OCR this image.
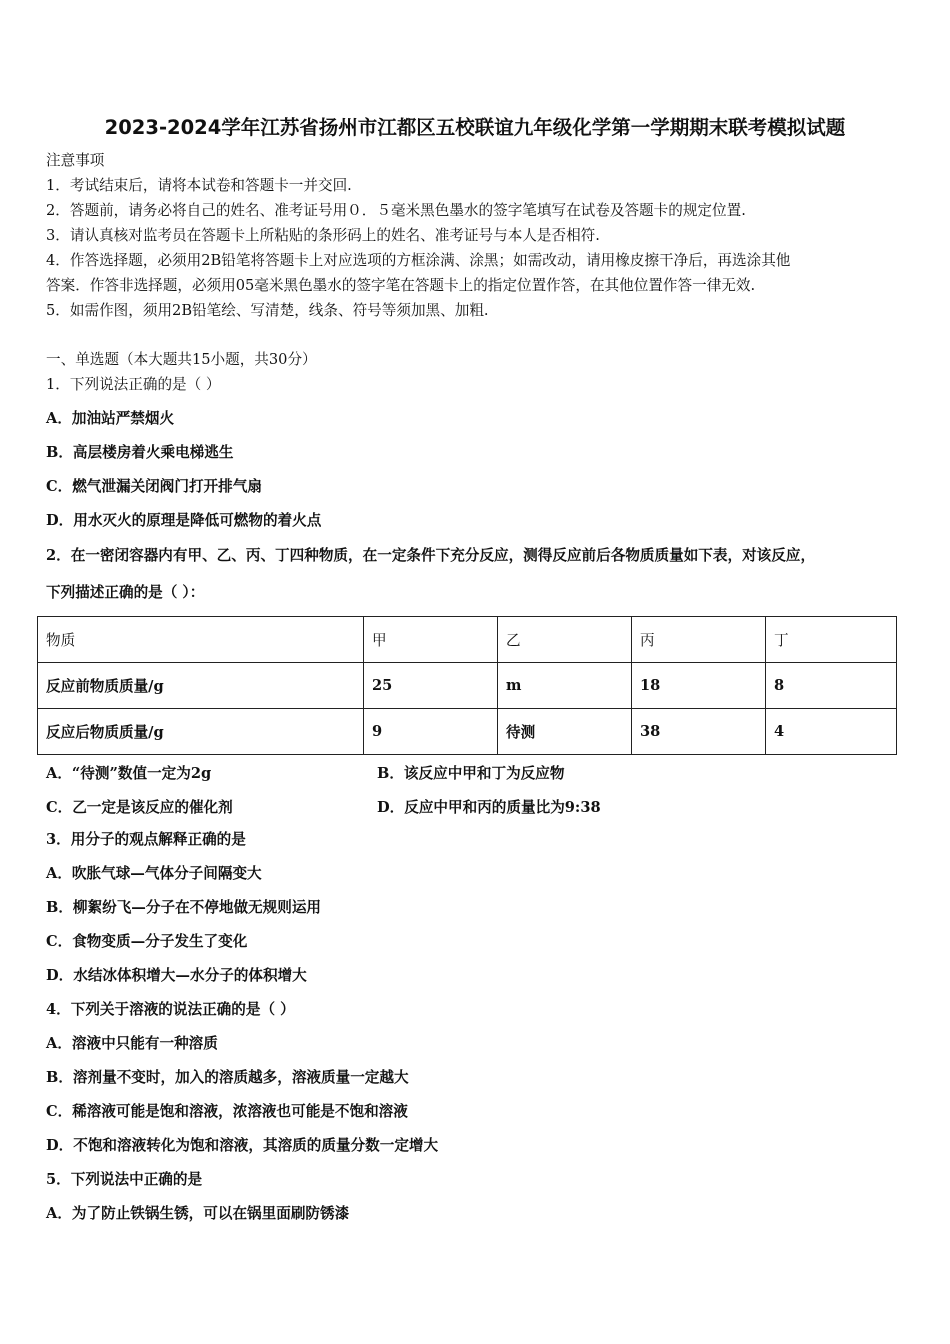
2023-2024学年江苏省扬州市江都区五校联谊九年级化学第一学期期末联考模拟试题
注意事项
1．考试结束后，请将本试卷和答题卡一并交回.
2．答题前，请务必将自己的姓名、准考证号用０．５毫米黑色墨水的签字笔填写在试卷及答题卡的规定位置.
3．请认真核对监考员在答题卡上所粘贴的条形码上的姓名、准考证号与本人是否相符.
4．作答选择题，必须用2B铅笔将答题卡上对应选项的方框涂满、涂黑；如需改动，请用橡皮擦干净后，再选涂其他
答案．作答非选择题，必须用05毫米黑色墨水的签字笔在答题卡上的指定位置作答，在其他位置作答一律无效.
5．如需作图，须用2B铅笔绘、写清楚，线条、符号等须加黑、加粗.
一、单选题（本大题共15小题，共30分）
1．下列说法正确的是（ ）
A．加油站严禁烟火
B．高层楼房着火乘电梯逃生
C．燃气泄漏关闭阀门打开排气扇
D．用水灭火的原理是降低可燃物的着火点
2．在一密闭容器内有甲、乙、丙、丁四种物质，在一定条件下充分反应，测得反应前后各物质质量如下表，对该反应，
下列描述正确的是（ ）：
物质	甲	乙	丙	丁
反应前物质质量/g	25	m	18	8
反应后物质质量/g	9	待测	38	4
A．“待测”数值一定为2g	B．该反应中甲和丁为反应物
C．乙一定是该反应的催化剂	D．反应中甲和丙的质量比为9:38
3．用分子的观点解释正确的是
A．吹胀气球—气体分子间隔变大
B．柳絮纷飞—分子在不停地做无规则运用
C．食物变质—分子发生了变化
D．水结冰体积增大—水分子的体积增大
4．下列关于溶液的说法正确的是（ ）
A．溶液中只能有一种溶质
B．溶剂量不变时，加入的溶质越多，溶液质量一定越大
C．稀溶液可能是饱和溶液，浓溶液也可能是不饱和溶液
D．不饱和溶液转化为饱和溶液，其溶质的质量分数一定增大
5．下列说法中正确的是
A．为了防止铁锅生锈，可以在锅里面刷防锈漆
